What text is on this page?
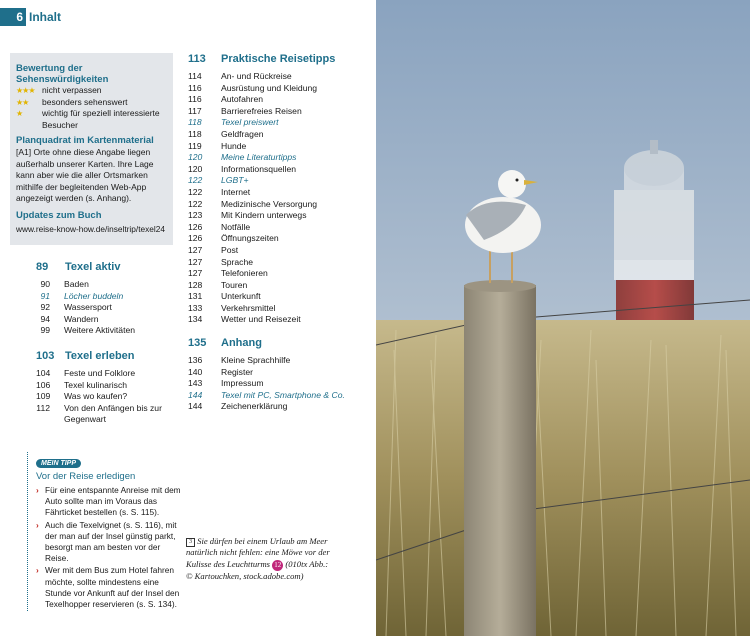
6 Inhalt
Bewertung der Sehenswürdigkeiten
★★★ nicht verpassen
★★	besonders sehenswert
★	wichtig für speziell interessierte Besucher
Planquadrat im Kartenmaterial
[A1] Orte ohne diese Angabe liegen außerhalb unserer Karten. Ihre Lage kann aber wie die aller Ortsmarken mithilfe der begleitenden Web-App angezeigt werden (s. Anhang).
Updates zum Buch
www.reise-know-how.de/inseltrip/texel24
89	Texel aktiv
90	Baden
91	Löcher buddeln
92	Wassersport
94	Wandern
99	Weitere Aktivitäten
103 Texel erleben
104	Feste und Folklore
106	Texel kulinarisch
109	Was wo kaufen?
112	Von den Anfängen bis zur Gegenwart
113	Praktische Reisetipps
114	An- und Rückreise
116	Ausrüstung und Kleidung
116	Autofahren
117	Barrierefreies Reisen
118	Texel preiswert
118	Geldfragen
119	Hunde
120	Meine Literaturtipps
120	Informationsquellen
122	LGBT+
122	Internet
122	Medizinische Versorgung
123	Mit Kindern unterwegs
126	Notfälle
126	Öffnungszeiten
127	Post
127	Sprache
127	Telefonieren
128	Touren
131	Unterkunft
133	Verkehrsmittel
134	Wetter und Reisezeit
135	Anhang
136	Kleine Sprachhilfe
140	Register
143	Impressum
144	Texel mit PC, Smartphone & Co.
144	Zeichenerklärung
MEIN TIPP
Vor der Reise erledigen
› Für eine entspannte Anreise mit dem Auto sollte man im Voraus das Fährticket bestellen (s. S. 115).
› Auch die Texelvignet (s. S. 116), mit der man auf der Insel günstig parkt, besorgt man am besten vor der Reise.
› Wer mit dem Bus zum Hotel fahren möchte, sollte mindestens eine Stunde vor Ankunft auf der Insel den Texelhopper reservieren (s. S. 134).
3 Sie dürfen bei einem Urlaub am Meer natürlich nicht fehlen: eine Möwe vor der Kulisse des Leuchtturms 12 (010tx Abb.: © Kartouchken, stock.adobe.com)
